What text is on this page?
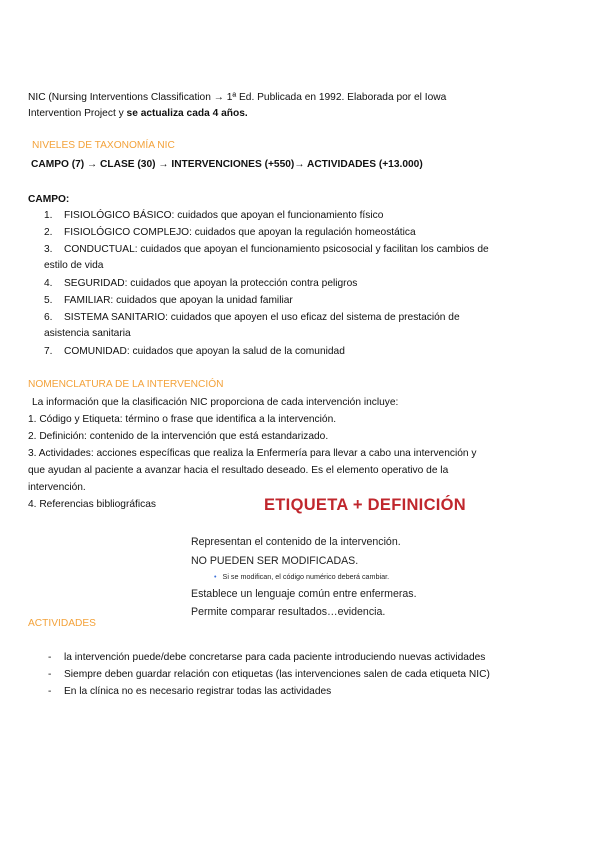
NIC (Nursing Interventions Classification → 1ª Ed. Publicada en 1992. Elaborada por el Iowa
Intervention Project y se actualiza cada 4 años.
NIVELES DE TAXONOMÍA NIC
CAMPO (7) → CLASE (30) → INTERVENCIONES (+550)→ ACTIVIDADES (+13.000)
CAMPO:
1. FISIOLÓGICO BÁSICO: cuidados que apoyan el funcionamiento físico
2. FISIOLÓGICO COMPLEJO: cuidados que apoyan la regulación homeostática
3. CONDUCTUAL: cuidados que apoyan el funcionamiento psicosocial y facilitan los cambios de
estilo de vida
4. SEGURIDAD: cuidados que apoyan la protección contra peligros
5. FAMILIAR: cuidados que apoyan la unidad familiar
6. SISTEMA SANITARIO: cuidados que apoyen el uso eficaz del sistema de prestación de
asistencia sanitaria
7. COMUNIDAD: cuidados que apoyan la salud de la comunidad
NOMENCLATURA DE LA INTERVENCIÓN
La información que la clasificación NIC proporciona de cada intervención incluye:
1. Código y Etiqueta: término o frase que identifica a la intervención.
2. Definición: contenido de la intervención que está estandarizado.
3. Actividades: acciones específicas que realiza la Enfermería para llevar a cabo una intervención y
que ayudan al paciente a avanzar hacia el resultado deseado. Es el elemento operativo de la
intervención.
4. Referencias bibliográficas	ETIQUETA + DEFINICIÓN
Representan el contenido de la intervención.
NO PUEDEN SER MODIFICADAS.
• Si se modifican, el código numérico deberá cambiar.
Establece un lenguaje común entre enfermeras.
Permite comparar resultados…evidencia.
ACTIVIDADES
- la intervención puede/debe concretarse para cada paciente introduciendo nuevas actividades
- Siempre deben guardar relación con etiquetas (las intervenciones salen de cada etiqueta NIC)
- En la clínica no es necesario registrar todas las actividades
